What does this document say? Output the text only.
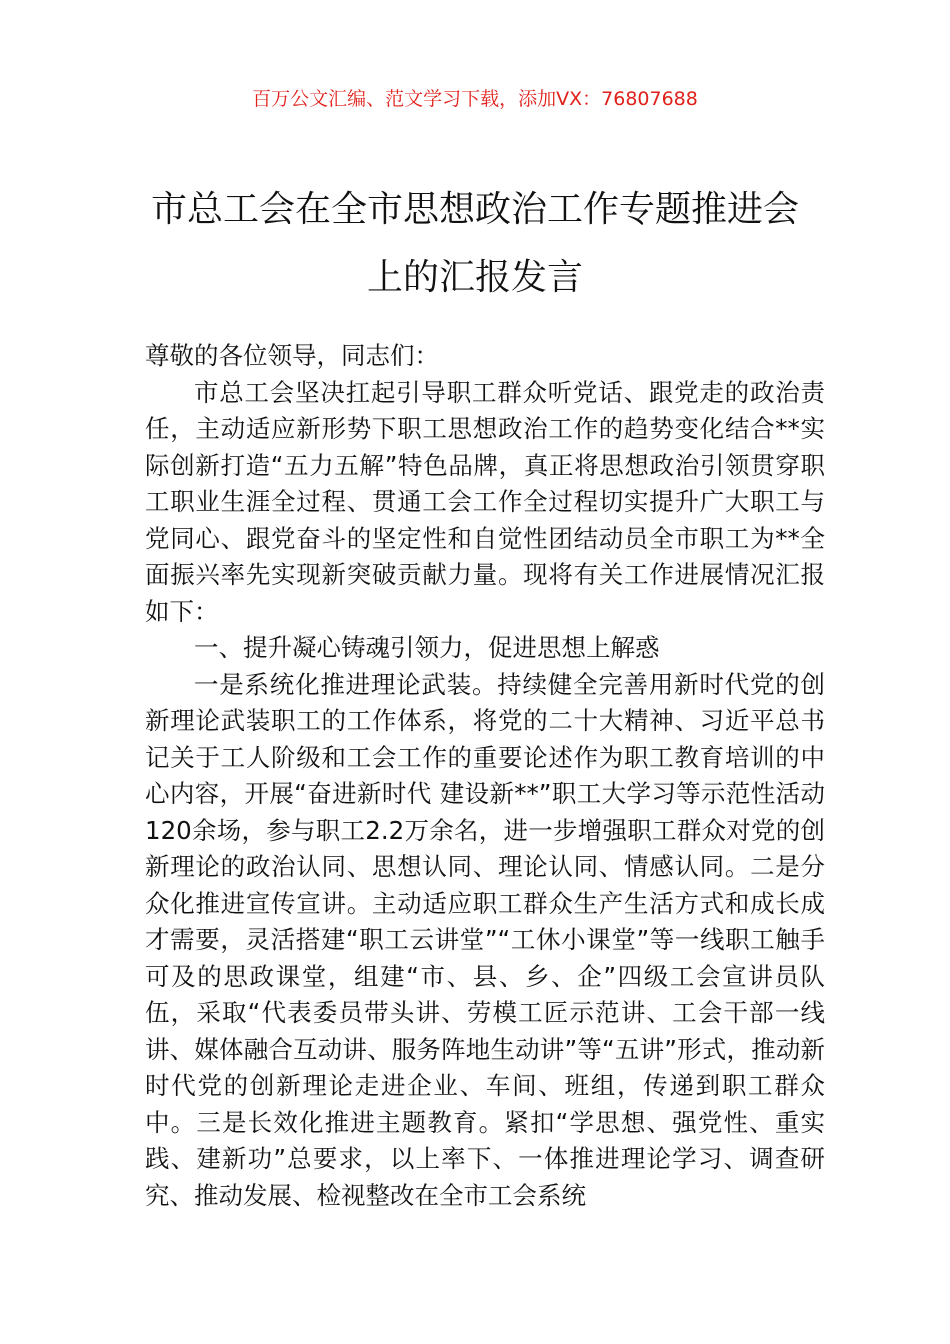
百万公文汇编、范文学习下载，添加VX：76807688
市总工会在全市思想政治工作专题推进会
上的汇报发言

尊敬的各位领导，同志们：

市总工会坚决扛起引导职工群众听党话、跟党走的政治责任，主动适应新形势下职工思想政治工作的趋势变化结合**实际创新打造“五力五解”特色品牌，真正将思想政治引领贯穿职工职业生涯全过程、贯通工会工作全过程切实提升广大职工与党同心、跟党奋斗的坚定性和自觉性团结动员全市职工为**全面振兴率先实现新突破贡献力量。现将有关工作进展情况汇报如下：

一、提升凝心铸魂引领力，促进思想上解惑

一是系统化推进理论武装。持续健全完善用新时代党的创新理论武装职工的工作体系，将党的二十大精神、习近平总书记关于工人阶级和工会工作的重要论述作为职工教育培训的中心内容，开展“奋进新时代 建设新**”职工大学习等示范性活动120余场，参与职工2.2万余名，进一步增强职工群众对党的创新理论的政治认同、思想认同、理论认同、情感认同。二是分众化推进宣传宣讲。主动适应职工群众生产生活方式和成长成才需要，灵活搭建“职工云讲堂”“工休小课堂”等一线职工触手可及的思政课堂，组建“市、县、乡、企”四级工会宣讲员队伍，采取“代表委员带头讲、劳模工匠示范讲、工会干部一线讲、媒体融合互动讲、服务阵地生动讲”等“五讲”形式，推动新时代党的创新理论走进企业、车间、班组，传递到职工群众中。三是长效化推进主题教育。紧扣“学思想、强党性、重实践、建新功”总要求，以上率下、一体推进理论学习、调查研究、推动发展、检视整改在全市工会系统
